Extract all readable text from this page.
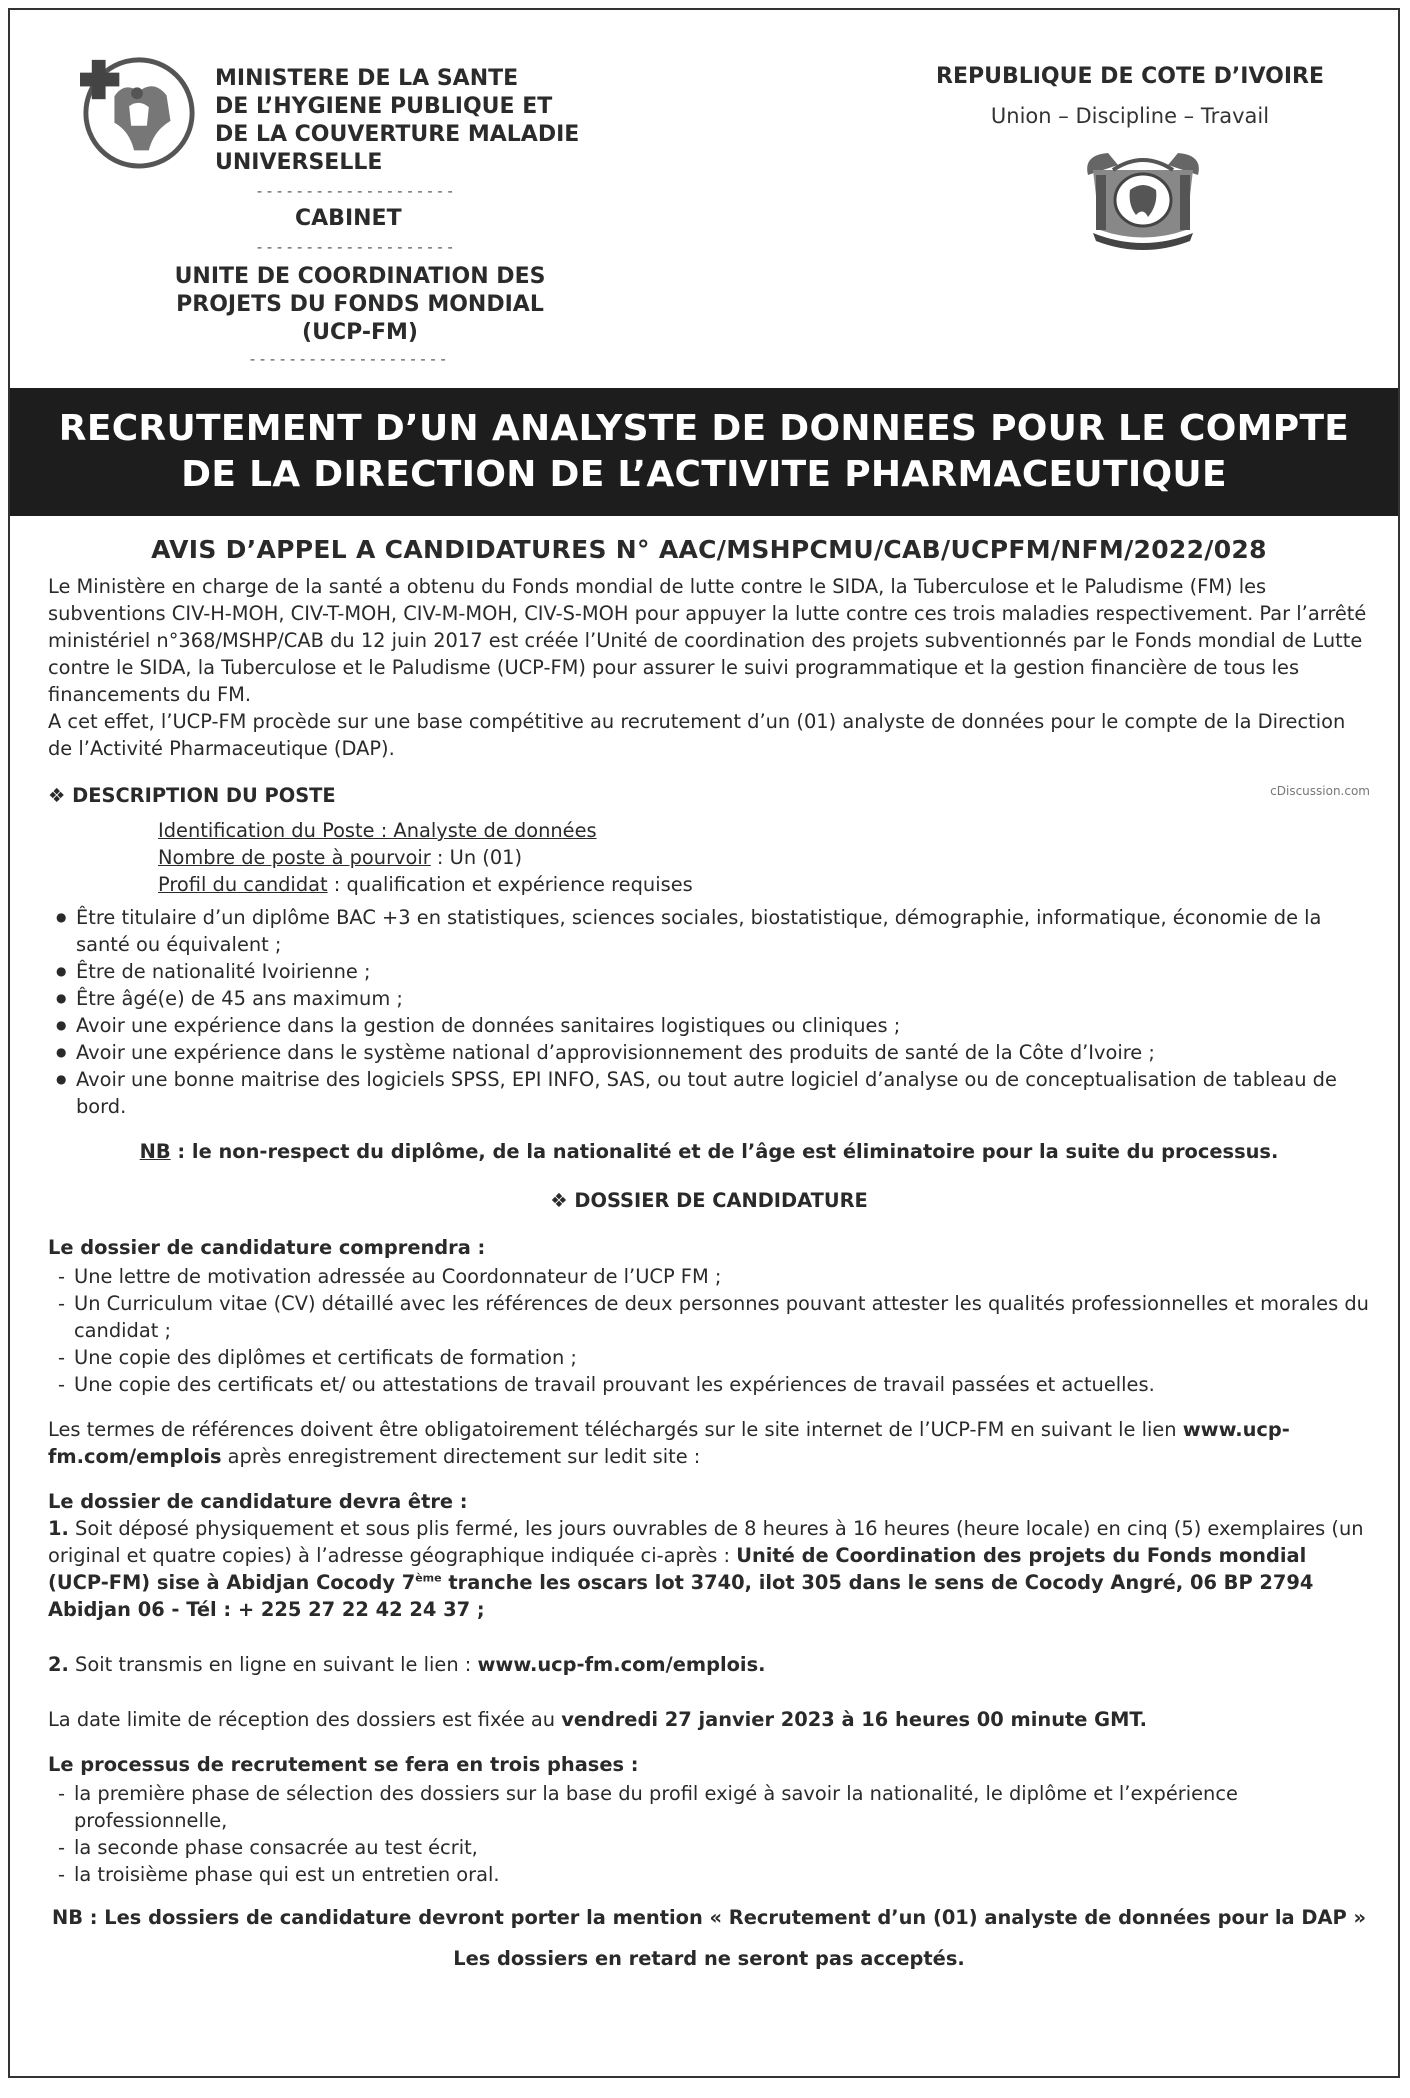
MINISTERE DE LA SANTE
DE L’HYGIENE PUBLIQUE ET
DE LA COUVERTURE MALADIE
UNIVERSELLE
--------------------
CABINET
--------------------
UNITE DE COORDINATION DES
PROJETS DU FONDS MONDIAL
(UCP-FM)
--------------------
REPUBLIQUE DE COTE D’IVOIRE
Union – Discipline – Travail
RECRUTEMENT D’UN ANALYSTE DE DONNEES POUR LE COMPTE
DE LA DIRECTION DE L’ACTIVITE PHARMACEUTIQUE
AVIS D’APPEL A CANDIDATURES N° AAC/MSHPCMU/CAB/UCPFM/NFM/2022/028

Le Ministère en charge de la santé a obtenu du Fonds mondial de lutte contre le SIDA, la Tuberculose et le Paludisme (FM) les subventions CIV-H-MOH, CIV-T-MOH, CIV-M-MOH, CIV-S-MOH pour appuyer la lutte contre ces trois maladies respectivement. Par l’arrêté ministériel n°368/MSHP/CAB du 12 juin 2017 est créée l’Unité de coordination des projets subventionnés par le Fonds mondial de Lutte contre le SIDA, la Tuberculose et le Paludisme (UCP-FM) pour assurer le suivi programmatique et la gestion financière de tous les financements du FM.

A cet effet, l’UCP-FM procède sur une base compétitive au recrutement d’un (01) analyste de données pour le compte de la Direction de l’Activité Pharmaceutique (DAP).

❖ DESCRIPTION DU POSTE	cDiscussion.com
Identification du Poste : Analyste de données
Nombre de poste à pourvoir : Un (01)
Profil du candidat : qualification et expérience requises
● Être titulaire d’un diplôme BAC +3 en statistiques, sciences sociales, biostatistique, démographie, informatique, économie de la santé ou équivalent ;
● Être de nationalité Ivoirienne ;
● Être âgé(e) de 45 ans maximum ;
● Avoir une expérience dans la gestion de données sanitaires logistiques ou cliniques ;
● Avoir une expérience dans le système national d’approvisionnement des produits de santé de la Côte d’Ivoire ;
● Avoir une bonne maitrise des logiciels SPSS, EPI INFO, SAS, ou tout autre logiciel d’analyse ou de conceptualisation de tableau de bord.
NB : le non-respect du diplôme, de la nationalité et de l’âge est éliminatoire pour la suite du processus.
❖ DOSSIER DE CANDIDATURE
Le dossier de candidature comprendra :
- Une lettre de motivation adressée au Coordonnateur de l’UCP FM ;
- Un Curriculum vitae (CV) détaillé avec les références de deux personnes pouvant attester les qualités professionnelles et morales du candidat ;
- Une copie des diplômes et certificats de formation ;
- Une copie des certificats et/ ou attestations de travail prouvant les expériences de travail passées et actuelles.

Les termes de références doivent être obligatoirement téléchargés sur le site internet de l’UCP-FM en suivant le lien www.ucp-fm.com/emplois après enregistrement directement sur ledit site :

Le dossier de candidature devra être :

1. Soit déposé physiquement et sous plis fermé, les jours ouvrables de 8 heures à 16 heures (heure locale) en cinq (5) exemplaires (un original et quatre copies) à l’adresse géographique indiquée ci-après : Unité de Coordination des projets du Fonds mondial (UCP-FM) sise à Abidjan Cocody 7ème tranche les oscars lot 3740, ilot 305 dans le sens de Cocody Angré, 06 BP 2794 Abidjan 06 - Tél : + 225 27 22 42 24 37 ;

2. Soit transmis en ligne en suivant le lien : www.ucp-fm.com/emplois.

La date limite de réception des dossiers est fixée au vendredi 27 janvier 2023 à 16 heures 00 minute GMT.

Le processus de recrutement se fera en trois phases :
- la première phase de sélection des dossiers sur la base du profil exigé à savoir la nationalité, le diplôme et l’expérience professionnelle,
- la seconde phase consacrée au test écrit,
- la troisième phase qui est un entretien oral.
NB : Les dossiers de candidature devront porter la mention « Recrutement d’un (01) analyste de données pour la DAP »
Les dossiers en retard ne seront pas acceptés.
